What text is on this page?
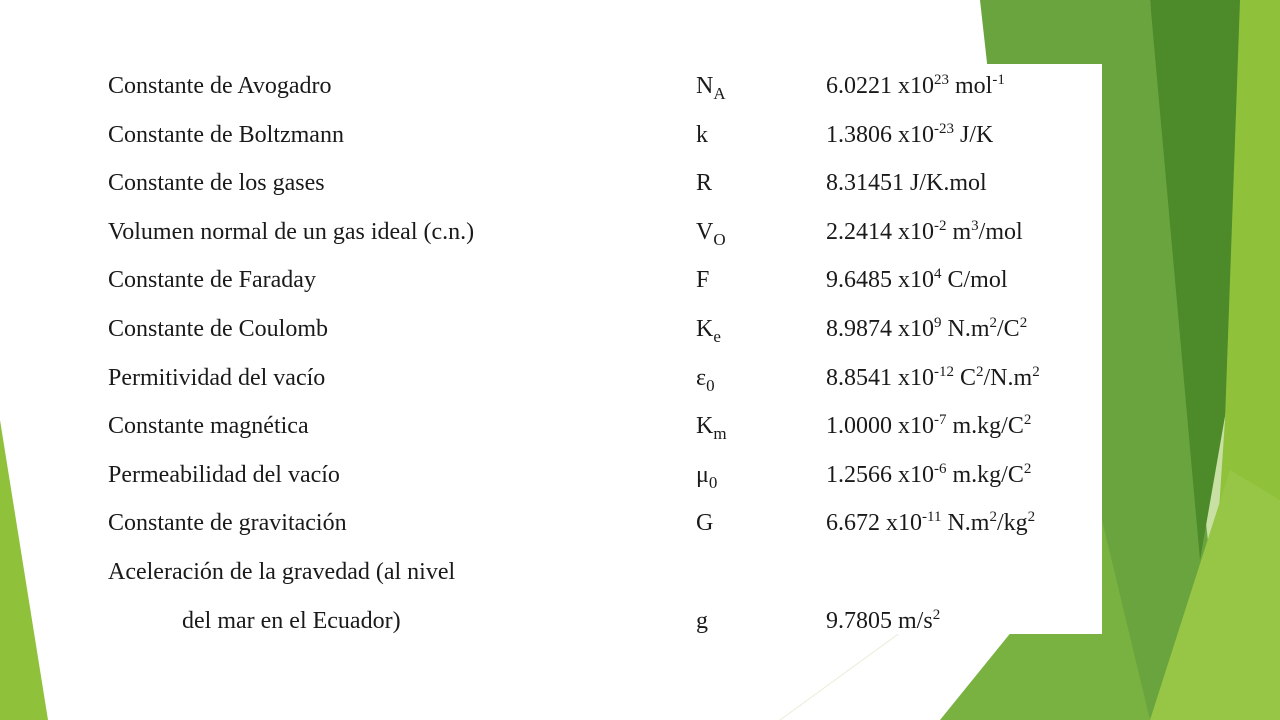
Constante de Avogadro	$N_A$	6.0221 $x10^{23}$ mol$^{-1}$
Constante de Boltzmann	k	1.3806 $x10^{-23}$ J/K
Constante de los gases	R	8.31451 J/K.mol
Volumen normal de un gas ideal (c.n.)	$V_O$	2.2414 $x10^{-2}$ $m^3$/mol
Constante de Faraday	F	9.6485 $x10^4$ C/mol
Constante de Coulomb	$K_e$	8.9874 $x10^9$ $N.m^2/C^2$
Permitividad del vacío	$\varepsilon_0$	8.8541 $x10^{-12}$ $C^2/N.m^2$
Constante magnética	$K_m$	1.0000 $x10^{-7}$ $m.kg/C^2$
Permeabilidad del vacío	$\mu_0$	1.2566 $x10^{-6}$ $m.kg/C^2$
Constante de gravitación	G	6.672 $x10^{-11}$ $N.m^2/kg^2$
Aceleración de la gravedad (al nivel
del mar en el Ecuador)	g	9.7805 $m/s^2$
